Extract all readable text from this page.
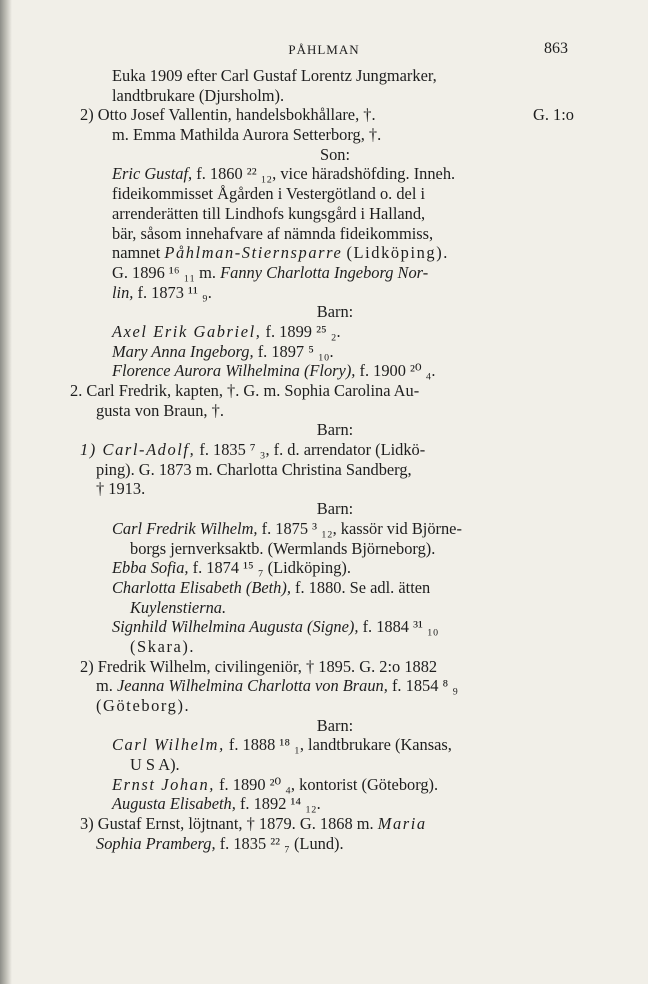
PÅHLMAN	863
Euka 1909 efter Carl Gustaf Lorentz Jungmarker,
landtbrukare (Djursholm).
2) Otto Josef Vallentin, handelsbokhållare, †.	G. 1:o
m. Emma Mathilda Aurora Setterborg, †.
Son:
Eric Gustaf, f. 1860 ²² ₁₂, vice häradshöfding. Inneh.
fideikommisset Ågården i Vestergötland o. del i
arrenderätten till Lindhofs kungsgård i Halland,
bär, såsom innehafvare af nämnda fideikommiss,
namnet Påhlman-Stiernsparre (Lidköping).
G. 1896 ¹⁶ ₁₁ m. Fanny Charlotta Ingeborg Nor-
lin, f. 1873 ¹¹ ₉.
Barn:
Axel Erik Gabriel, f. 1899 ²⁵ ₂.
Mary Anna Ingeborg, f. 1897 ⁵ ₁₀.
Florence Aurora Wilhelmina (Flory), f. 1900 ²⁰ ₄.
2. Carl Fredrik, kapten, †. G. m. Sophia Carolina Au-
gusta von Braun, †.
Barn:
1) Carl-Adolf, f. 1835 ⁷ ₃, f. d. arrendator (Lidkö-
ping). G. 1873 m. Charlotta Christina Sandberg,
† 1913.
Barn:
Carl Fredrik Wilhelm, f. 1875 ³ ₁₂, kassör vid Björne-
borgs jernverksaktb. (Wermlands Björneborg).
Ebba Sofia, f. 1874 ¹⁵ ₇ (Lidköping).
Charlotta Elisabeth (Beth), f. 1880. Se adl. ätten
Kuylenstierna.
Signhild Wilhelmina Augusta (Signe), f. 1884 ³¹ ₁₀
(Skara).
2) Fredrik Wilhelm, civilingeniör, † 1895. G. 2:o 1882
m. Jeanna Wilhelmina Charlotta von Braun, f. 1854 ⁸ ₉
(Göteborg).
Barn:
Carl Wilhelm, f. 1888 ¹⁸ ₁, landtbrukare (Kansas,
U S A).
Ernst Johan, f. 1890 ²⁰ ₄, kontorist (Göteborg).
Augusta Elisabeth, f. 1892 ¹⁴ ₁₂.
3) Gustaf Ernst, löjtnant, † 1879. G. 1868 m. Maria
Sophia Pramberg, f. 1835 ²² ₇ (Lund).
